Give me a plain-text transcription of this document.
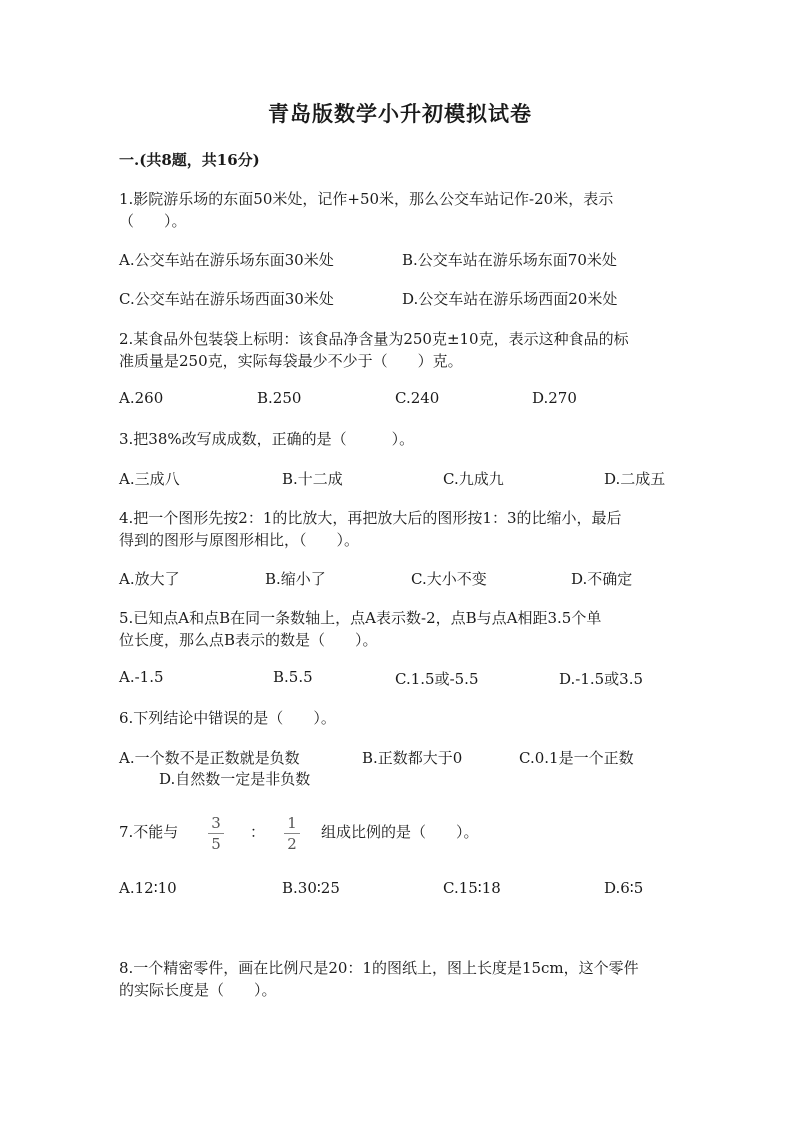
青岛版数学小升初模拟试卷
一.(共8题，共16分)
1.影院游乐场的东面50米处，记作+50米，那么公交车站记作-20米，表示
（　　）。
A.公交车站在游乐场东面30米处	B.公交车站在游乐场东面70米处
C.公交车站在游乐场西面30米处	D.公交车站在游乐场西面20米处
2.某食品外包装袋上标明：该食品净含量为250克±10克，表示这种食品的标
准质量是250克，实际每袋最少不少于（　　）克。
A.260	B.250	C.240	D.270
3.把38%改写成成数，正确的是（　　　）。
A.三成八	B.十二成	C.九成九	D.二成五
4.把一个图形先按2：1的比放大，再把放大后的图形按1：3的比缩小，最后
得到的图形与原图形相比，（　　）。
A.放大了	B.缩小了	C.大小不变	D.不确定
5.已知点A和点B在同一条数轴上，点A表示数-2，点B与点A相距3.5个单
位长度，那么点B表示的数是（　　）。
A.-1.5	B.5.5	C.1.5或-5.5	D.-1.5或3.5
6.下列结论中错误的是（　　）。
A.一个数不是正数就是负数	B.正数都大于0	C.0.1是一个正数
D.自然数一定是非负数
7.不能与	3
5
：	1
2
组成比例的是（　　）。
A.12∶10	B.30∶25	C.15∶18	D.6∶5
8.一个精密零件，画在比例尺是20：1的图纸上，图上长度是15cm，这个零件
的实际长度是（　　）。
